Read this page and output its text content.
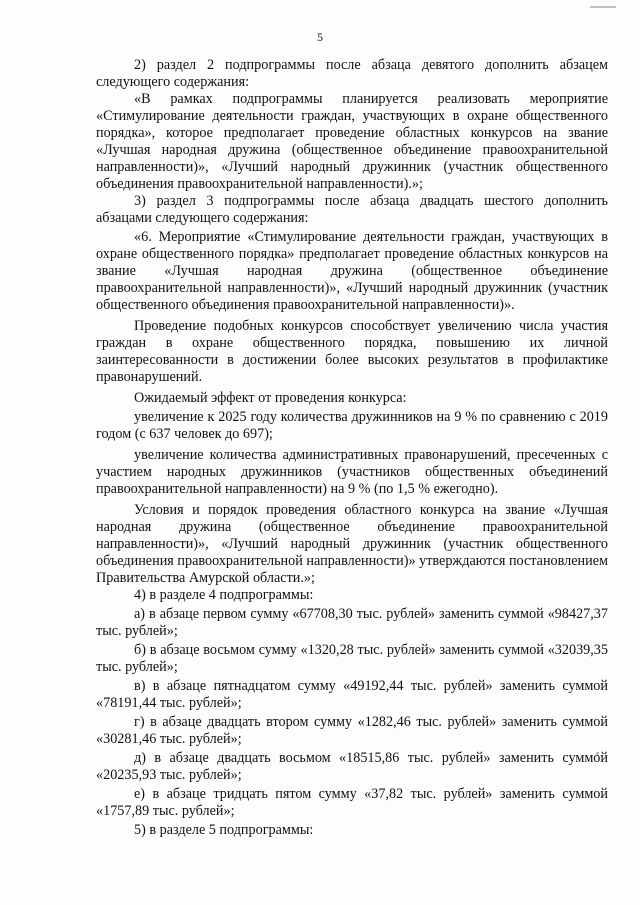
5

2) раздел 2 подпрограммы после абзаца девятого дополнить абзацем следующего содержания:

«В рамках подпрограммы планируется реализовать мероприятие «Стимулирование деятельности граждан, участвующих в охране общественного порядка», которое предполагает проведение областных конкурсов на звание «Лучшая народная дружина (общественное объединение правоохранительной направленности)», «Лучший народный дружинник (участник общественного объединения правоохранительной направленности).»;

3) раздел 3 подпрограммы после абзаца двадцать шестого дополнить абзацами следующего содержания:

«6. Мероприятие «Стимулирование деятельности граждан, участвующих в охране общественного порядка» предполагает проведение областных конкурсов на звание «Лучшая народная дружина (общественное объединение правоохранительной направленности)», «Лучший народный дружинник (участник общественного объединения правоохранительной направленности)».

Проведение подобных конкурсов способствует увеличению числа участия граждан в охране общественного порядка, повышению их личной заинтересованности в достижении более высоких результатов в профилактике правонарушений.

Ожидаемый эффект от проведения конкурса:

увеличение к 2025 году количества дружинников на 9 % по сравнению с 2019 годом (с 637 человек до 697);

увеличение количества административных правонарушений, пресеченных с участием народных дружинников (участников общественных объединений правоохранительной направленности) на 9 % (по 1,5 % ежегодно).

Условия и порядок проведения областного конкурса на звание «Лучшая народная дружина (общественное объединение правоохранительной направленности)», «Лучший народный дружинник (участник общественного объединения правоохранительной направленности)» утверждаются постановлением Правительства Амурской области.»;

4) в разделе 4 подпрограммы:

а) в абзаце первом сумму «67708,30 тыс. рублей» заменить суммой «98427,37 тыс. рублей»;

б) в абзаце восьмом сумму «1320,28 тыс. рублей» заменить суммой «32039,35 тыс. рублей»;

в) в абзаце пятнадцатом сумму «49192,44 тыс. рублей» заменить суммой «78191,44 тыс. рублей»;

г) в абзаце двадцать втором сумму «1282,46 тыс. рублей» заменить суммой «30281,46 тыс. рублей»;

д) в абзаце двадцать восьмом «18515,86 тыс. рублей» заменить суммой «20235,93 тыс. рублей»;

е) в абзаце тридцать пятом сумму «37,82 тыс. рублей» заменить суммой «1757,89 тыс. рублей»;

5) в разделе 5 подпрограммы:
